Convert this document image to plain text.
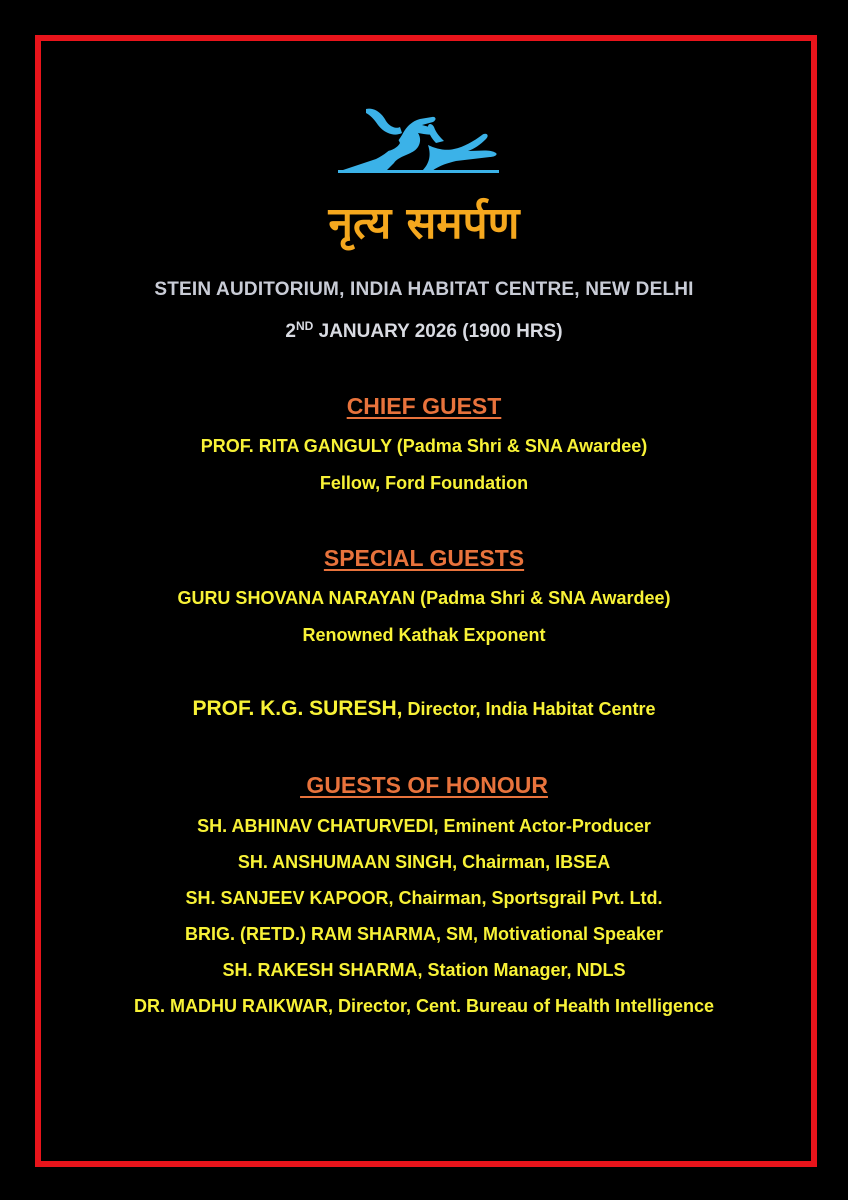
नृत्य समर्पण
STEIN AUDITORIUM, INDIA HABITAT CENTRE, NEW DELHI
2ND JANUARY 2026 (1900 HRS)
CHIEF GUEST
PROF. RITA GANGULY (Padma Shri & SNA Awardee)
Fellow, Ford Foundation
SPECIAL GUESTS
GURU SHOVANA NARAYAN (Padma Shri & SNA Awardee)
Renowned Kathak Exponent
PROF. K.G. SURESH, Director, India Habitat Centre
GUESTS OF HONOUR
SH. ABHINAV CHATURVEDI, Eminent Actor-Producer
SH. ANSHUMAAN SINGH, Chairman, IBSEA
SH. SANJEEV KAPOOR, Chairman, Sportsgrail Pvt. Ltd.
BRIG. (RETD.) RAM SHARMA, SM, Motivational Speaker
SH. RAKESH SHARMA, Station Manager, NDLS
DR. MADHU RAIKWAR, Director, Cent. Bureau of Health Intelligence
